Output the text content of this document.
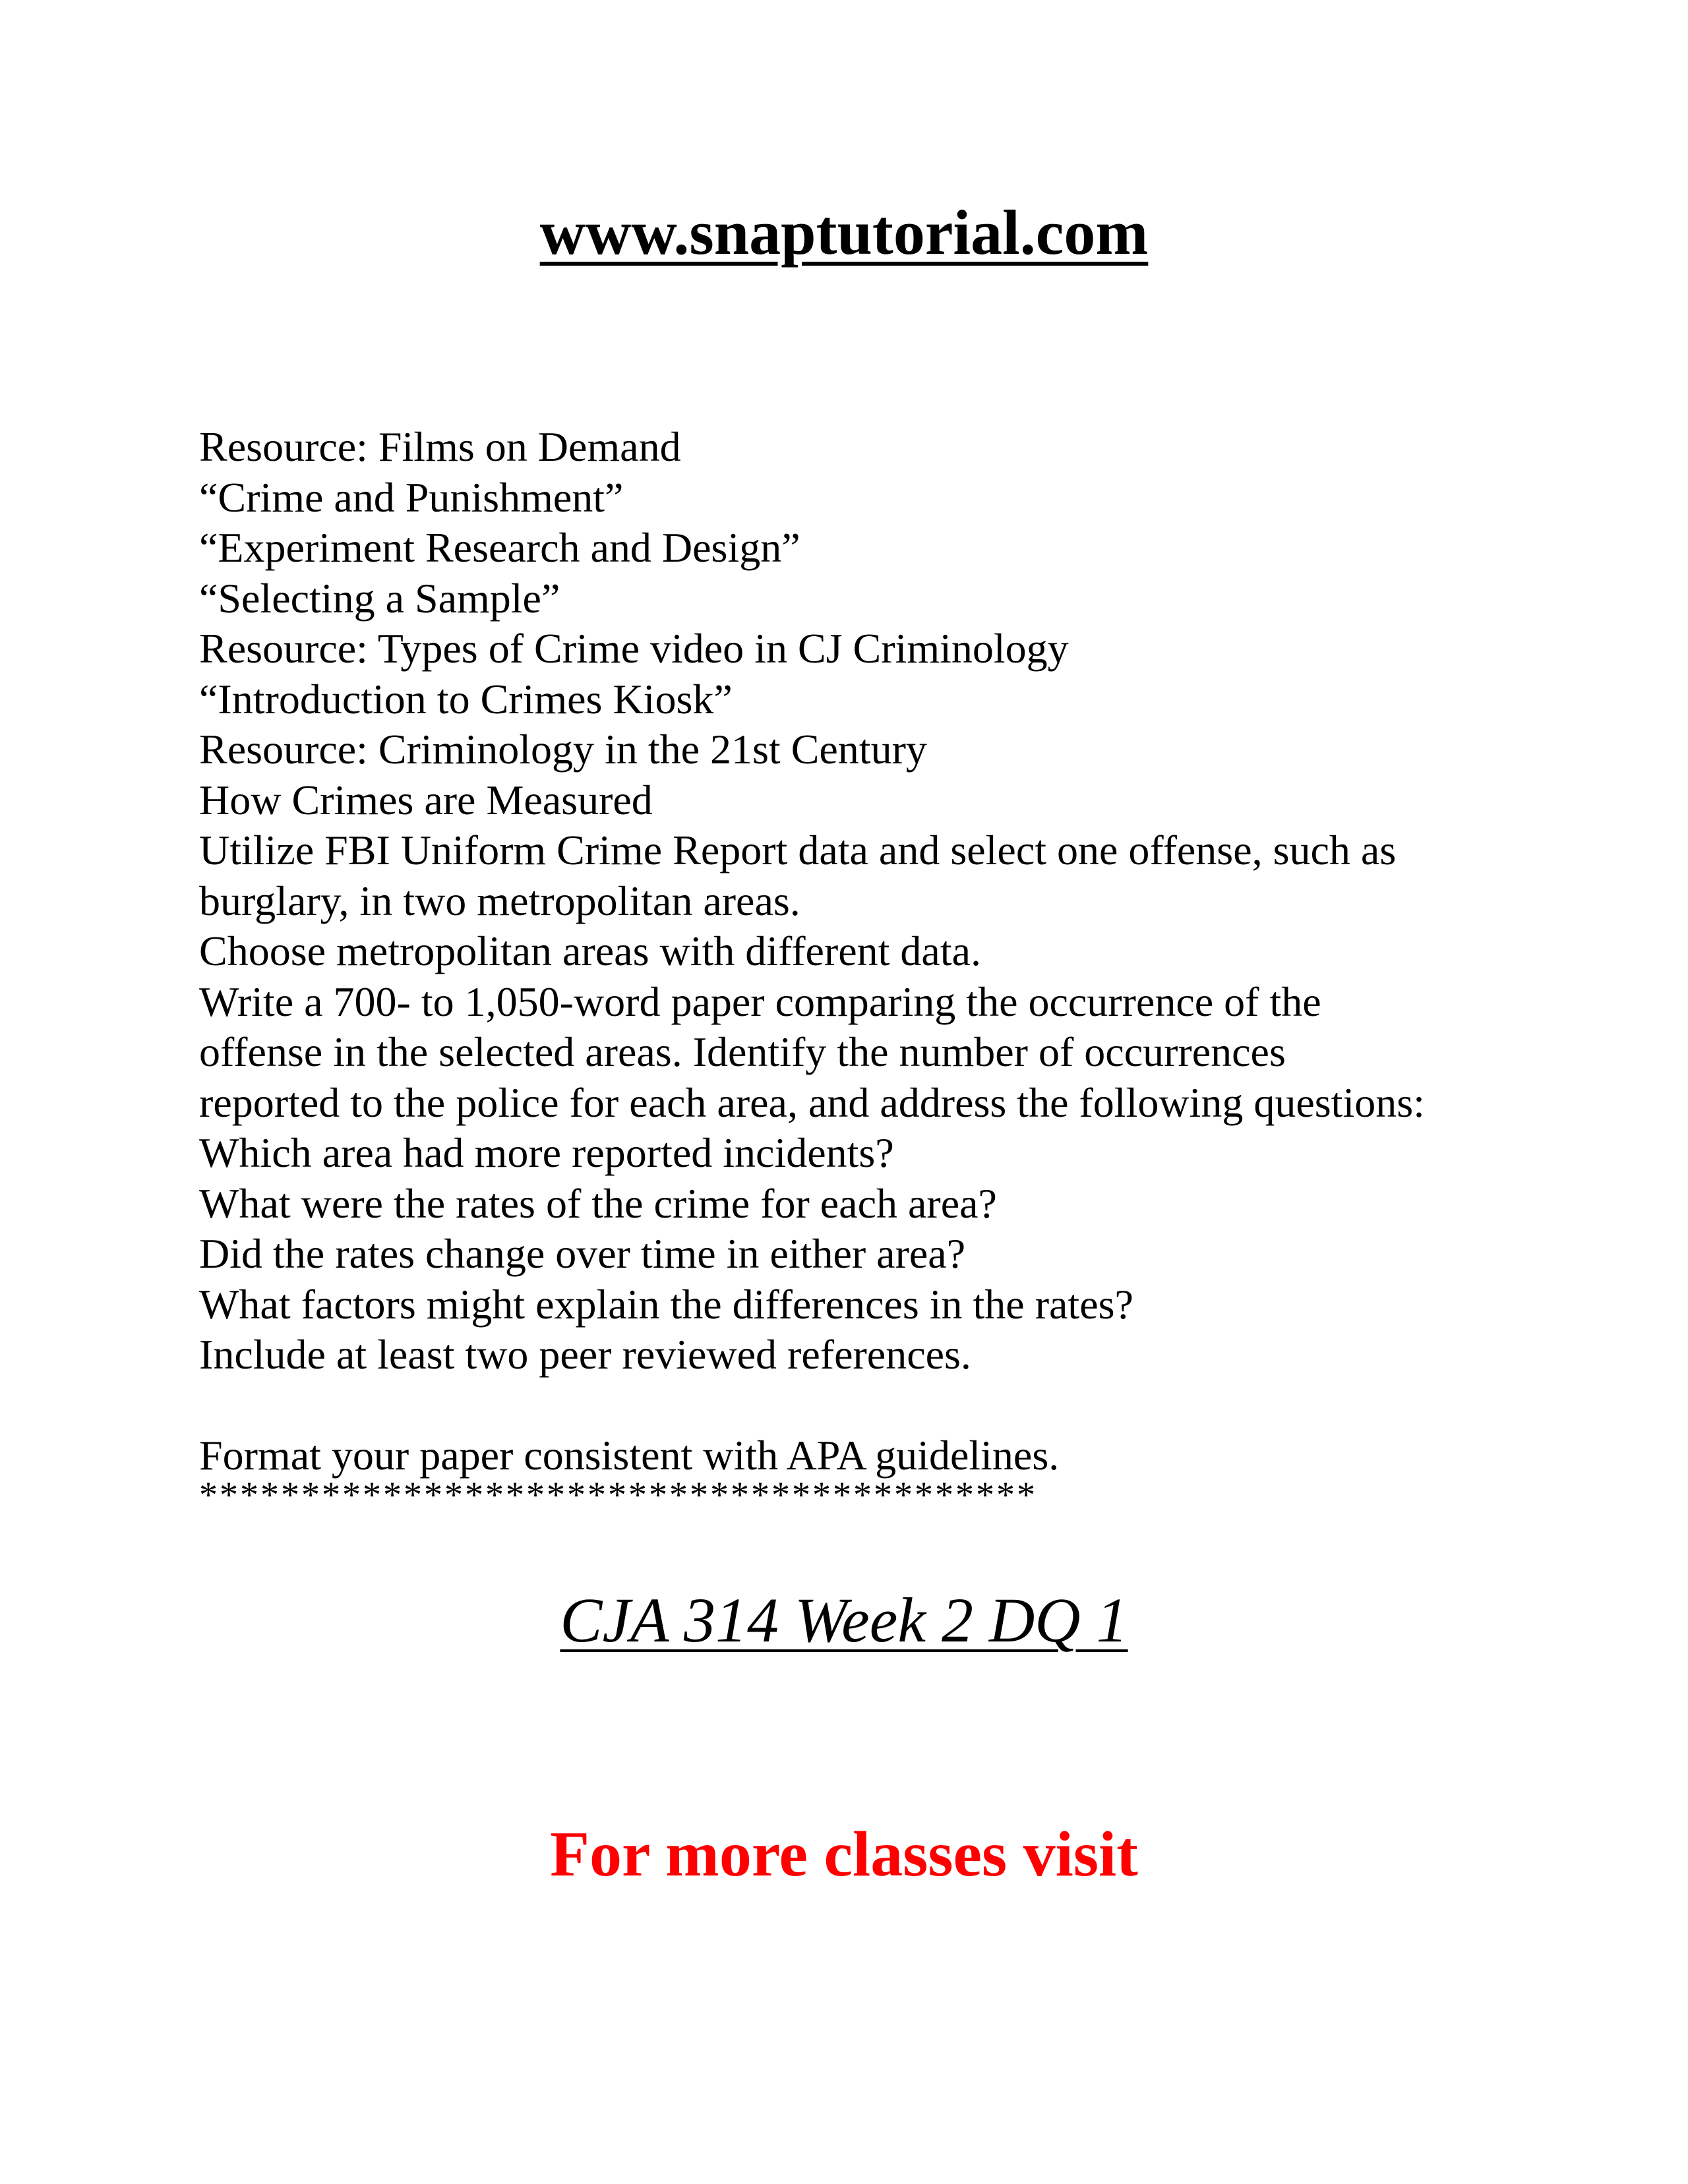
www.snaptutorial.com
Resource: Films on Demand
“Crime and Punishment”
“Experiment Research and Design”
“Selecting a Sample”
Resource: Types of Crime video in CJ Criminology
“Introduction to Crimes Kiosk”
Resource: Criminology in the 21st Century
How Crimes are Measured
Utilize FBI Uniform Crime Report data and select one offense, such as
burglary, in two metropolitan areas.
Choose metropolitan areas with different data.
Write a 700- to 1,050-word paper comparing the occurrence of the
offense in the selected areas. Identify the number of occurrences
reported to the police for each area, and address the following questions:
Which area had more reported incidents?
What were the rates of the crime for each area?
Did the rates change over time in either area?
What factors might explain the differences in the rates?
Include at least two peer reviewed references.
Format your paper consistent with APA guidelines.
*****************************************
CJA 314 Week 2 DQ 1
For more classes visit
